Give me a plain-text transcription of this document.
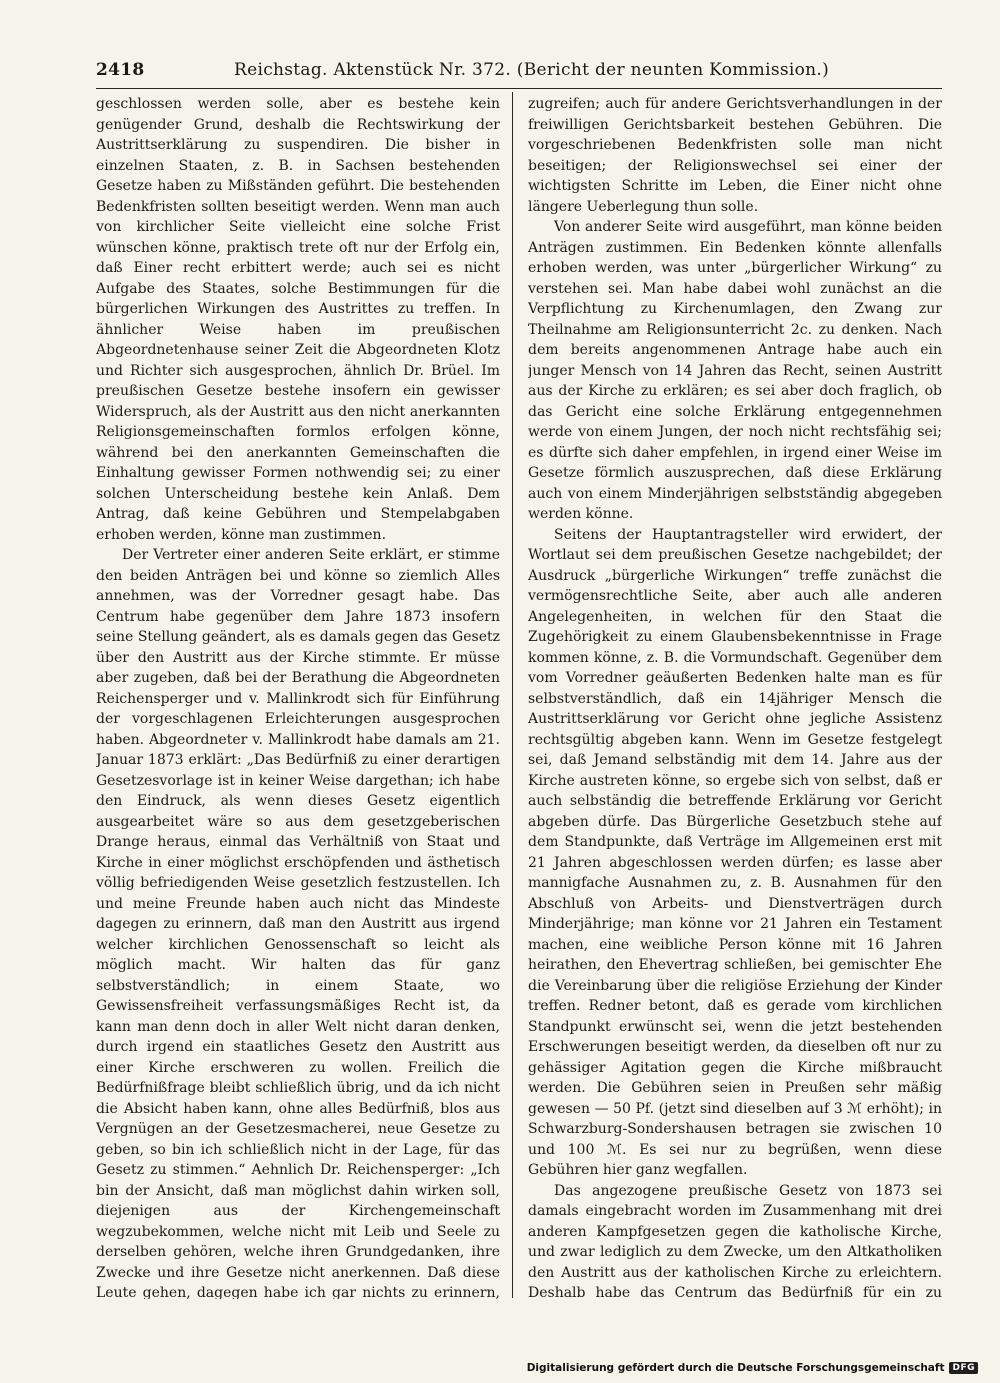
2418	Reichstag. Aktenstück Nr. 372. (Bericht der neunten Kommission.)

geschlossen werden solle, aber es bestehe kein genügender Grund, deshalb die Rechtswirkung der Austrittserklärung zu suspendiren. Die bisher in einzelnen Staaten, z. B. in Sachsen bestehenden Gesetze haben zu Mißständen geführt. Die bestehenden Bedenkfristen sollten beseitigt werden. Wenn man auch von kirchlicher Seite vielleicht eine solche Frist wünschen könne, praktisch trete oft nur der Erfolg ein, daß Einer recht erbittert werde; auch sei es nicht Aufgabe des Staates, solche Bestimmungen für die bürgerlichen Wirkungen des Austrittes zu treffen. In ähnlicher Weise haben im preußischen Abgeordnetenhause seiner Zeit die Abgeordneten Klotz und Richter sich ausgesprochen, ähnlich Dr. Brüel. Im preußischen Gesetze bestehe insofern ein gewisser Widerspruch, als der Austritt aus den nicht anerkannten Religionsgemeinschaften formlos erfolgen könne, während bei den anerkannten Gemeinschaften die Einhaltung gewisser Formen nothwendig sei; zu einer solchen Unterscheidung bestehe kein Anlaß. Dem Antrag, daß keine Gebühren und Stempelabgaben erhoben werden, könne man zustimmen.

Der Vertreter einer anderen Seite erklärt, er stimme den beiden Anträgen bei und könne so ziemlich Alles annehmen, was der Vorredner gesagt habe. Das Centrum habe gegenüber dem Jahre 1873 insofern seine Stellung geändert, als es damals gegen das Gesetz über den Austritt aus der Kirche stimmte. Er müsse aber zugeben, daß bei der Berathung die Abgeordneten Reichensperger und v. Mallinkrodt sich für Einführung der vorgeschlagenen Erleichterungen ausgesprochen haben. Abgeordneter v. Mallinkrodt habe damals am 21. Januar 1873 erklärt: „Das Bedürfniß zu einer derartigen Gesetzesvorlage ist in keiner Weise dargethan; ich habe den Eindruck, als wenn dieses Gesetz eigentlich ausgearbeitet wäre so aus dem gesetzgeberischen Drange heraus, einmal das Verhältniß von Staat und Kirche in einer möglichst erschöpfenden und ästhetisch völlig befriedigenden Weise gesetzlich festzustellen. Ich und meine Freunde haben auch nicht das Mindeste dagegen zu erinnern, daß man den Austritt aus irgend welcher kirchlichen Genossenschaft so leicht als möglich macht. Wir halten das für ganz selbstverständlich; in einem Staate, wo Gewissensfreiheit verfassungsmäßiges Recht ist, da kann man denn doch in aller Welt nicht daran denken, durch irgend ein staatliches Gesetz den Austritt aus einer Kirche erschweren zu wollen. Freilich die Bedürfnißfrage bleibt schließlich übrig, und da ich nicht die Absicht haben kann, ohne alles Bedürfniß, blos aus Vergnügen an der Gesetzesmacherei, neue Gesetze zu geben, so bin ich schließlich nicht in der Lage, für das Gesetz zu stimmen.“ Aehnlich Dr. Reichensperger: „Ich bin der Ansicht, daß man möglichst dahin wirken soll, diejenigen aus der Kirchengemeinschaft wegzubekommen, welche nicht mit Leib und Seele zu derselben gehören, welche ihren Grundgedanken, ihre Zwecke und ihre Gesetze nicht anerkennen. Daß diese Leute gehen, dagegen habe ich gar nichts zu erinnern,

zugreifen; auch für andere Gerichtsverhandlungen in der freiwilligen Gerichtsbarkeit bestehen Gebühren. Die vorgeschriebenen Bedenkfristen solle man nicht beseitigen; der Religionswechsel sei einer der wichtigsten Schritte im Leben, die Einer nicht ohne längere Ueberlegung thun solle.

Von anderer Seite wird ausgeführt, man könne beiden Anträgen zustimmen. Ein Bedenken könnte allenfalls erhoben werden, was unter „bürgerlicher Wirkung“ zu verstehen sei. Man habe dabei wohl zunächst an die Verpflichtung zu Kirchenumlagen, den Zwang zur Theilnahme am Religionsunterricht 2c. zu denken. Nach dem bereits angenommenen Antrage habe auch ein junger Mensch von 14 Jahren das Recht, seinen Austritt aus der Kirche zu erklären; es sei aber doch fraglich, ob das Gericht eine solche Erklärung entgegennehmen werde von einem Jungen, der noch nicht rechtsfähig sei; es dürfte sich daher empfehlen, in irgend einer Weise im Gesetze förmlich auszusprechen, daß diese Erklärung auch von einem Minderjährigen selbstständig abgegeben werden könne.

Seitens der Hauptantragsteller wird erwidert, der Wortlaut sei dem preußischen Gesetze nachgebildet; der Ausdruck „bürgerliche Wirkungen“ treffe zunächst die vermögensrechtliche Seite, aber auch alle anderen Angelegenheiten, in welchen für den Staat die Zugehörigkeit zu einem Glaubensbekenntnisse in Frage kommen könne, z. B. die Vormundschaft. Gegenüber dem vom Vorredner geäußerten Bedenken halte man es für selbstverständlich, daß ein 14jähriger Mensch die Austrittserklärung vor Gericht ohne jegliche Assistenz rechtsgültig abgeben kann. Wenn im Gesetze festgelegt sei, daß Jemand selbständig mit dem 14. Jahre aus der Kirche austreten könne, so ergebe sich von selbst, daß er auch selbständig die betreffende Erklärung vor Gericht abgeben dürfe. Das Bürgerliche Gesetzbuch stehe auf dem Standpunkte, daß Verträge im Allgemeinen erst mit 21 Jahren abgeschlossen werden dürfen; es lasse aber mannigfache Ausnahmen zu, z. B. Ausnahmen für den Abschluß von Arbeits- und Dienstverträgen durch Minderjährige; man könne vor 21 Jahren ein Testament machen, eine weibliche Person könne mit 16 Jahren heirathen, den Ehevertrag schließen, bei gemischter Ehe die Vereinbarung über die religiöse Erziehung der Kinder treffen. Redner betont, daß es gerade vom kirchlichen Standpunkt erwünscht sei, wenn die jetzt bestehenden Erschwerungen beseitigt werden, da dieselben oft nur zu gehässiger Agitation gegen die Kirche mißbraucht werden. Die Gebühren seien in Preußen sehr mäßig gewesen — 50 Pf. (jetzt sind dieselben auf 3 ℳ erhöht); in Schwarzburg-Sondershausen betragen sie zwischen 10 und 100 ℳ. Es sei nur zu begrüßen, wenn diese Gebühren hier ganz wegfallen.

Das angezogene preußische Gesetz von 1873 sei damals eingebracht worden im Zusammenhang mit drei anderen Kampfgesetzen gegen die katholische Kirche, und zwar lediglich zu dem Zwecke, um den Altkatholiken den Austritt aus der katholischen Kirche zu erleichtern. Deshalb habe das Centrum das Bedürfniß für ein zu

Digitalisierung gefördert durch die Deutsche Forschungsgemeinschaft DFG
